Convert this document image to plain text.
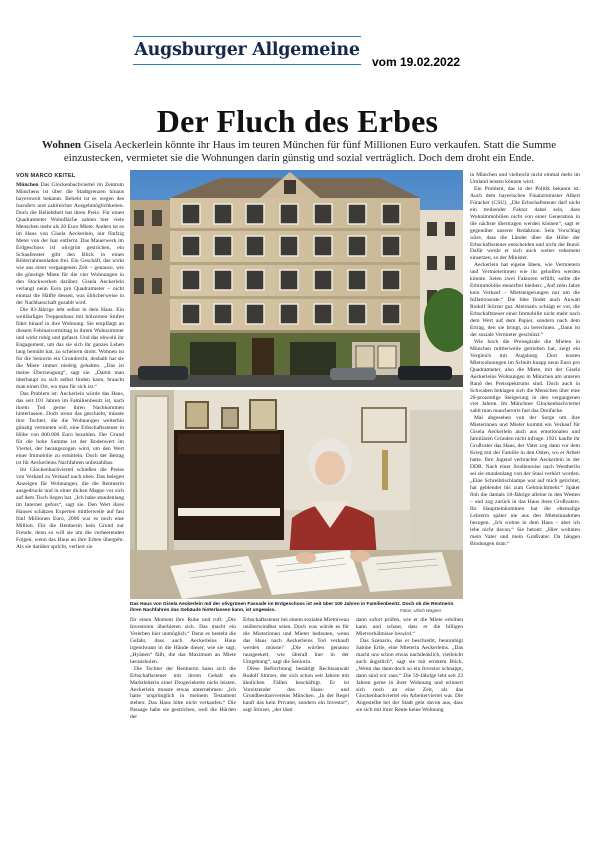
Augsburger Allgemeine
vom 19.02.2022
Der Fluch des Erbes
Wohnen Gisela Aeckerlein könnte ihr Haus im teuren München für fünf Millionen Euro verkaufen. Statt die Summe einzustecken, vermietet sie die Wohnungen darin günstig und sozial verträglich. Doch dem droht ein Ende.
VON MARCO KEITEL

München Das Glockenbachviertel im Zentrum Münchens ist über die Stadtgrenzen hinaus bayernweit bekannt. Beliebt ist es wegen des Isarufers und zahlreicher Ausgehmöglichkeiten. Doch die Beliebtheit hat ihren Preis: Für einen Quadratmeter Wohnfläche zahlen hier viele Menschen mehr als 20 Euro Miete. Anders ist es im Haus von Gisela Aeckerlein, nur fünfzig Meter von der Isar entfernt. Das Mauerwerk im Erdgeschoss ist olivgrün gestrichen, ein Schaufenster gibt den Blick in einen Bilderrahmenladen frei. Ein Geschäft, das wirkt wie aus einer vergangenen Zeit – genauso, wie die günstige Miete für die vier Wohnungen in den Stockwerken darüber. Gisela Aeckerlein verlangt neun Euro pro Quadratmeter – nicht einmal die Hälfte dessen, was üblicherweise in der Nachbarschaft gezahlt wird.

Die 83-Jährige lebt selbst in dem Haus. Ein weitläufiges Treppenhaus mit hölzernen Stufen führt hinauf in ihre Wohnung. Sie empfängt an diesem Februarvormittag in ihrem Wohnzimmer und wirkt ruhig und gefasst. Und das obwohl ihr Engagement, um das sie sich ihr ganzes Leben lang bemüht hat, zu scheitern droht. Wohnen ist für die Seniorin ein Grundrecht, deshalb hat sie die Miete immer niedrig gehalten. „Das ist meine Überzeugung“, sagt sie. „Damit man überhaupt zu sich selbst finden kann, braucht man einen Ort, wo man für sich ist.“

Das Problem ist: Aeckerlein würde das Haus, das seit 101 Jahren im Familienbesitz ist, nach ihrem Tod gerne ihren Nachkommen hinterlassen. Doch wenn das geschieht, müsste ihre Tochter, die die Wohnungen weiterhin günstig vermieten will, eine Erbschaftssteuer in Höhe von 800.000 Euro bezahlen. Der Grund für die hohe Summe ist der Bodenwert im Viertel, der herangezogen wird, um den Wert einer Immobilie zu ermitteln. Doch der Betrag ist für Aeckerleins Nachfahren unbezahlbar.

Im Glockenbachviertel schießen die Preise von Verkauf zu Verkauf nach oben. Das belegen Anzeigen für Wohnungen, die die Rentnerin ausgedruckt und in einer dicken Mappe vor sich auf dem Tisch liegen hat. „Ich habe stundenlang im Internet gefors“, sagt sie. Den Wert ihres Hauses schätzen Experten mittlerweile auf fast fünf Millionen Euro, 2006 war es noch eine Million. Für die Rentnerin kein Grund zur Freude, denn so will sie um die verheerenden Folgen, wenn das Haus an ihre Erben übergeht. Als sie darüber spricht, verliert sie

Das Haus von Gisela Aeckerlein mit der olivgrünen Fassade im Erdgeschoss ist seit über 100 Jahren in Familienbesitz. Doch ob die Rentnerin ihren Nachfahren das Gebäude hinterlassen kann, ist ungewiss.	Fotos: Ulrich Wagner

für einen Moment ihre Ruhe und ruft: „Die Investoren überbieten sich. Das macht ein Vererben hier unmöglich.“ Denn es besteht die Gefahr, dass auch Aeckerleins Haus irgendwann in die Hände dieser, wie sie sagt, „Hyänen“ fällt, die das Maximum an Miete herausholen.

Die Tochter der Rentnerin kann sich die Erbschaftssteuer mit ihrem Gehalt als Marktleiterin einer Drogeriekette nicht leisten. Aeckerlein musste etwas unternehmen: „Ich hatte ursprünglich in meinem Testament stehen: Das Haus bitte nicht verkaufen.“ Die Passage habe sie gestrichen, weil die Hürden der

Erbschaftssteuer bei einem sozialen Mietniveau unüberwindbar seien. Doch was würde es für die Mieterinnen und Mieter bedeuten, wenn das Haus nach Aeckerleins Tod verkauft werden müsste? „Die würden genauso rausgeekelt, wie überall hier in der Umgebung“, sagt die Seniorin.

Diese Befürchtung bestätigt Rechtsanwalt Rudolf Stürzer, der sich schon seit Jahren mit ähnlichen Fällen beschäftigt. Er ist Vorsitzender des Haus- und Grundbesitzervereins München. „In der Regel kauft das kein Privater, sondern ein Investor“, sagt Stürzer, „der lässt

dann sofort prüfen, wie er die Miete erhöhen kann und schaut, dass er die billigen Mietverhältnisse loswird.“

Das Szenario, das er beschreibt, beunruhigt Sabine Ertle, eine Mieterin Aeckerleins. „Das macht uns schon etwas nachdenklich, vielleicht auch ängstlich“, sagt sie mit ernstem Blick. „Wenn das dann doch so ein Investor schnappt, dann sind wir raus.“ Die 59-Jährige lebt seit 23 Jahren gerne in ihrer Wohnung und erinnert sich noch an eine Zeit, als das Glockenbachviertel ein Arbeiterviertel war. Die Angestellte bei der Stadt geht davon aus, dass sie sich mit ihrer Rente keine Wohnung

in München und vielleicht nicht einmal mehr im Umland leisten können wird.

Ein Problem, das in der Politik bekannt ist. Auch dem bayerischen Finanzminister Albert Füracker (CSU). „Die Erbschaftsteuer darf nicht ein treibender Faktor dabei sein, dass Wohnimmobilien nicht von einer Generation in die nächste übertragen werden können“, sagt er gegenüber unserer Redaktion. Sein Vorschlag wäre, dass die Länder über die Höhe der Erbschaftssteuer entscheiden und nicht der Bund. Dafür werde er sich auch weiter vehement einsetzen, so der Minister.

Aeckerlein hat eigene Ideen, wie Vermietern und Vermieterinnen wie ihr geholfen werden könnte. Seien zwei Faktoren erfüllt, sollte die Erbimmobilie steuerfrei bleiben: „Auf zehn Jahre kein Verkauf – Mietsteigerungen nur um die Inflationsrate.“ Die Idee findet auch Anwalt Rudolf Stürzer gut. Alternativ schlägt er vor, die Erbschaftsteuer einer Immobilie nicht mehr nach dem Wert auf dem Papier, sondern nach dem Ertrag, den sie bringt, zu berechnen. „Dann ist der soziale Vermieter geschützt.“

Wie hoch die Preisspirale die Mieten in München mittlerweile getrieben hat, zeigt ein Vergleich mit Augsburg. Dort kosten Mietwohnungen im Schnitt knapp neun Euro pro Quadratmeter, also die Miete, mit der Gisela Aeckerleins Wohnungen in München am unteren Rand des Preisspektrums sind. Doch auch in Schwaben beklagen sich die Menschen über eine 20-prozentige Steigerung in den vergangenen vier Jahren. Im Münchner Glockenbachviertel zahlt man mancherorts fast das Dreifache.

Mal abgesehen von der Sorge um ihre Mieterinnen und Mieter kommt ein Verkauf für Gisela Aeckerlein auch aus emotionalen und familiären Gründen nicht infrage. 1921 kaufte ihr Großvater das Haus, der Vater zog dann vor dem Krieg mit der Familie in den Osten, wo er Arbeit hatte. Ihre Jugend verbrachte Aeckerlein in der DDR. Nach einer Studienreise nach Westberlin sei sie stundenlang von der Stasi verhört worden. „Eine Schreibtischlampe war auf mich gerichtet, hat geblendet bis zum Gehtnichtmehr.“ Später floh die damals 18-Jährige alleine in den Westen – und zog zurück in das Haus ihres Großvaters. Ihr Hauptteinkommen hat die ehemalige Lehrerin später nie aus den Mieteinnahmen bezogen. „Ich wohne in dem Haus – aber ich lebe nicht davon.“ Sie betont: „Hier wohnten mein Vater und mein Großvater. Da hängen Bindungen dran.“
